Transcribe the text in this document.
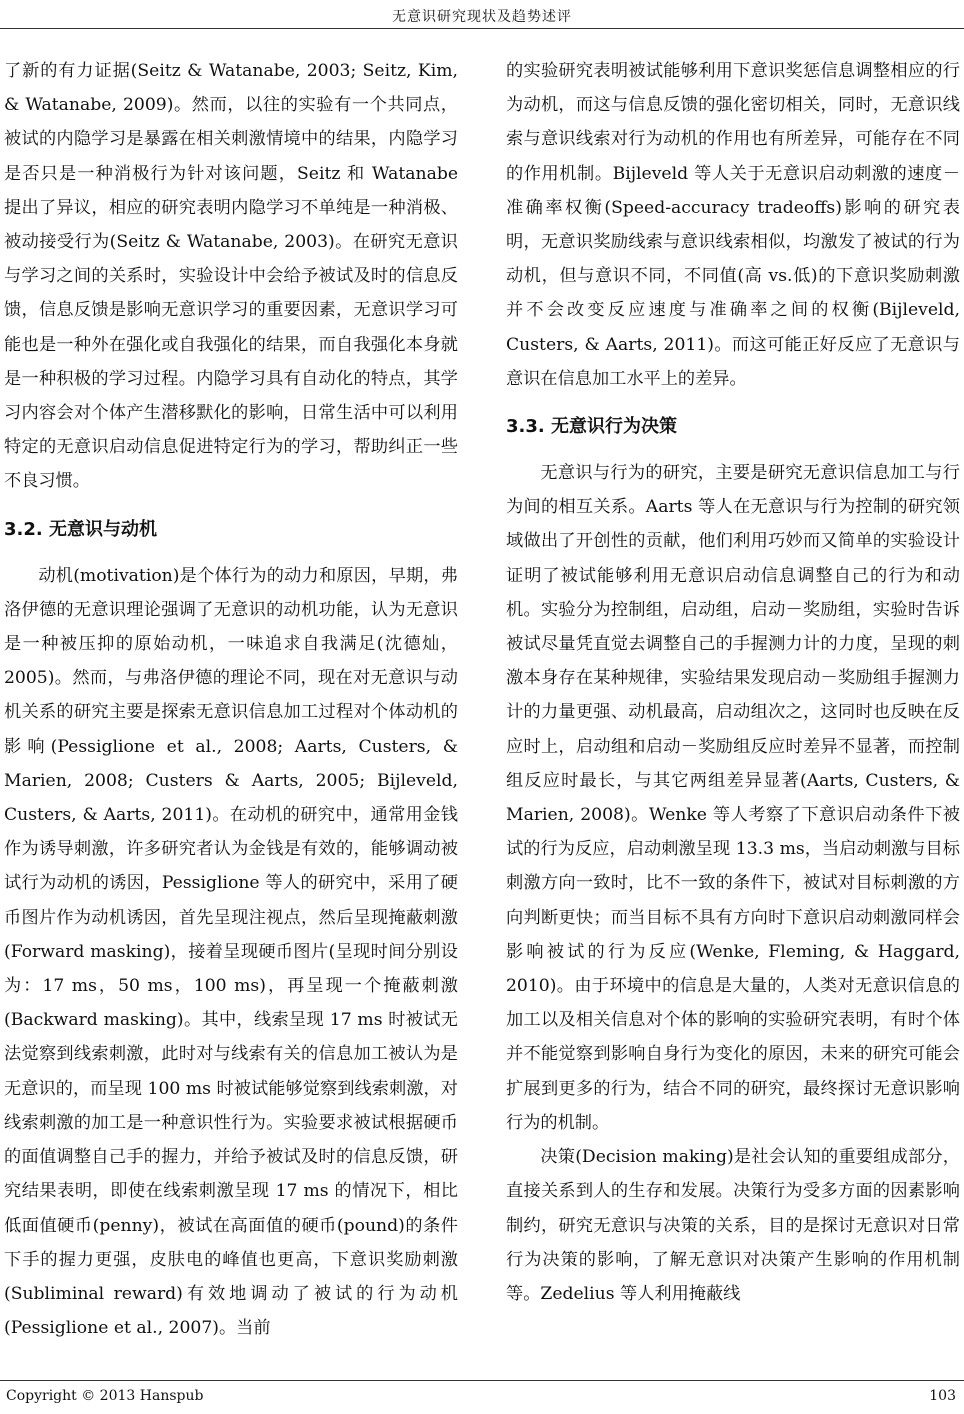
无意识研究现状及趋势述评

了新的有力证据(Seitz & Watanabe, 2003; Seitz, Kim, & Watanabe, 2009)。然而，以往的实验有一个共同点，被试的内隐学习是暴露在相关刺激情境中的结果，内隐学习是否只是一种消极行为针对该问题，Seitz 和 Watanabe 提出了异议，相应的研究表明内隐学习不单纯是一种消极、被动接受行为(Seitz & Watanabe, 2003)。在研究无意识与学习之间的关系时，实验设计中会给予被试及时的信息反馈，信息反馈是影响无意识学习的重要因素，无意识学习可能也是一种外在强化或自我强化的结果，而自我强化本身就是一种积极的学习过程。内隐学习具有自动化的特点，其学习内容会对个体产生潜移默化的影响，日常生活中可以利用特定的无意识启动信息促进特定行为的学习，帮助纠正一些不良习惯。

3.2. 无意识与动机

动机(motivation)是个体行为的动力和原因，早期，弗洛伊德的无意识理论强调了无意识的动机功能，认为无意识是一种被压抑的原始动机，一味追求自我满足(沈德灿，2005)。然而，与弗洛伊德的理论不同，现在对无意识与动机关系的研究主要是探索无意识信息加工过程对个体动机的影响(Pessiglione et al., 2008; Aarts, Custers, & Marien, 2008; Custers & Aarts, 2005; Bijleveld, Custers, & Aarts, 2011)。在动机的研究中，通常用金钱作为诱导刺激，许多研究者认为金钱是有效的，能够调动被试行为动机的诱因，Pessiglione 等人的研究中，采用了硬币图片作为动机诱因，首先呈现注视点，然后呈现掩蔽刺激(Forward masking)，接着呈现硬币图片(呈现时间分别设为：17 ms，50 ms，100 ms)，再呈现一个掩蔽刺激(Backward masking)。其中，线索呈现 17 ms 时被试无法觉察到线索刺激，此时对与线索有关的信息加工被认为是无意识的，而呈现 100 ms 时被试能够觉察到线索刺激，对线索刺激的加工是一种意识性行为。实验要求被试根据硬币的面值调整自己手的握力，并给予被试及时的信息反馈，研究结果表明，即使在线索刺激呈现 17 ms 的情况下，相比低面值硬币(penny)，被试在高面值的硬币(pound)的条件下手的握力更强，皮肤电的峰值也更高，下意识奖励刺激(Subliminal reward)有效地调动了被试的行为动机(Pessiglione et al., 2007)。当前

的实验研究表明被试能够利用下意识奖惩信息调整相应的行为动机，而这与信息反馈的强化密切相关，同时，无意识线索与意识线索对行为动机的作用也有所差异，可能存在不同的作用机制。Bijleveld 等人关于无意识启动刺激的速度－准确率权衡(Speed-accuracy tradeoffs)影响的研究表明，无意识奖励线索与意识线索相似，均激发了被试的行为动机，但与意识不同，不同值(高 vs.低)的下意识奖励刺激并不会改变反应速度与准确率之间的权衡(Bijleveld, Custers, & Aarts, 2011)。而这可能正好反应了无意识与意识在信息加工水平上的差异。

3.3. 无意识行为决策

无意识与行为的研究，主要是研究无意识信息加工与行为间的相互关系。Aarts 等人在无意识与行为控制的研究领域做出了开创性的贡献，他们利用巧妙而又简单的实验设计证明了被试能够利用无意识启动信息调整自己的行为和动机。实验分为控制组，启动组，启动－奖励组，实验时告诉被试尽量凭直觉去调整自己的手握测力计的力度，呈现的刺激本身存在某种规律，实验结果发现启动－奖励组手握测力计的力量更强、动机最高，启动组次之，这同时也反映在反应时上，启动组和启动－奖励组反应时差异不显著，而控制组反应时最长，与其它两组差异显著(Aarts, Custers, & Marien, 2008)。Wenke 等人考察了下意识启动条件下被试的行为反应，启动刺激呈现 13.3 ms，当启动刺激与目标刺激方向一致时，比不一致的条件下，被试对目标刺激的方向判断更快；而当目标不具有方向时下意识启动刺激同样会影响被试的行为反应(Wenke, Fleming, & Haggard, 2010)。由于环境中的信息是大量的，人类对无意识信息的加工以及相关信息对个体的影响的实验研究表明，有时个体并不能觉察到影响自身行为变化的原因，未来的研究可能会扩展到更多的行为，结合不同的研究，最终探讨无意识影响行为的机制。

决策(Decision making)是社会认知的重要组成部分，直接关系到人的生存和发展。决策行为受多方面的因素影响制约，研究无意识与决策的关系，目的是探讨无意识对日常行为决策的影响，了解无意识对决策产生影响的作用机制等。Zedelius 等人利用掩蔽线

Copyright © 2013 Hanspub	103
